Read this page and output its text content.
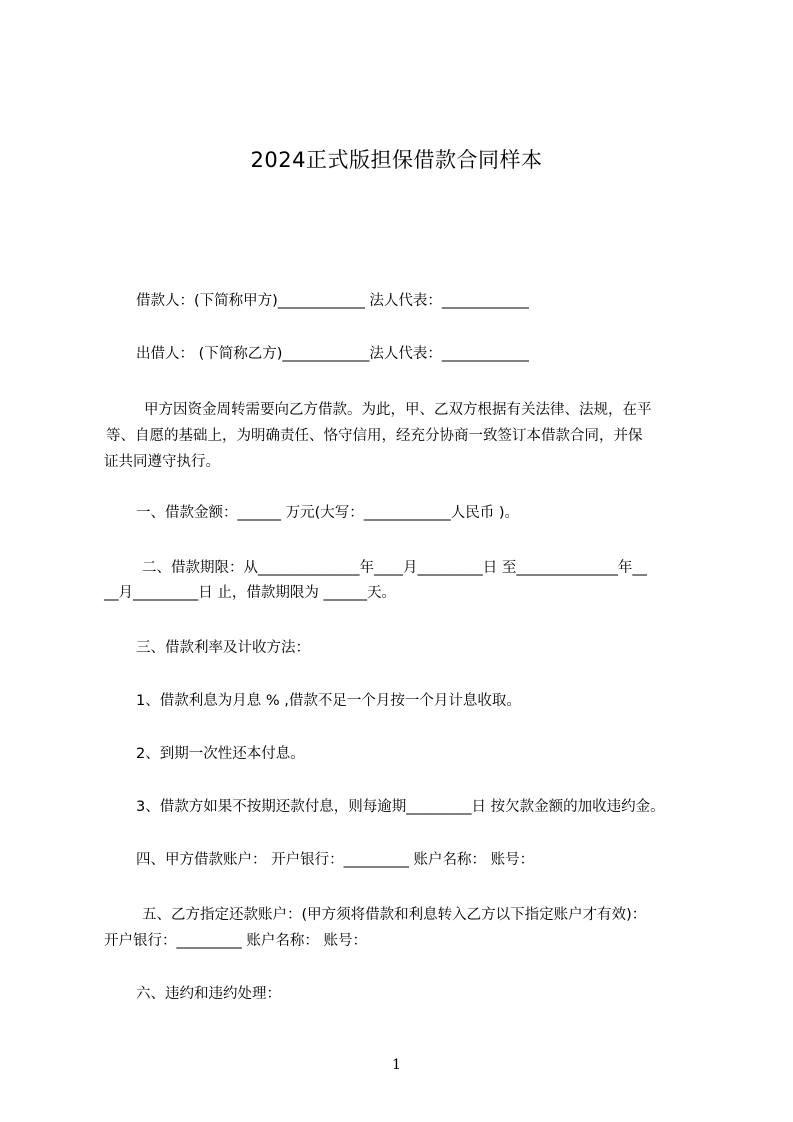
2024正式版担保借款合同样本
借款人：(下简称甲方)____________ 法人代表：____________
出借人： (下简称乙方)____________法人代表：____________
甲方因资金周转需要向乙方借款。为此，甲、乙双方根据有关法律、法规，在平
等、自愿的基础上，为明确责任、恪守信用，经充分协商一致签订本借款合同，并保
证共同遵守执行。
一、借款金额：______ 万元(大写：____________人民币 )。
二、借款期限：从______________年____月_________日 至______________年__
__月_________日 止，借款期限为 ______天。
三、借款利率及计收方法：
1、借款利息为月息 % ,借款不足一个月按一个月计息收取。
2、到期一次性还本付息。
3、借款方如果不按期还款付息，则每逾期_________日 按欠款金额的加收违约金。
四、甲方借款账户： 开户银行：_________ 账户名称： 账号：
五、乙方指定还款账户：(甲方须将借款和利息转入乙方以下指定账户才有效)：
开户银行：_________ 账户名称： 账号：
六、违约和违约处理：
1
